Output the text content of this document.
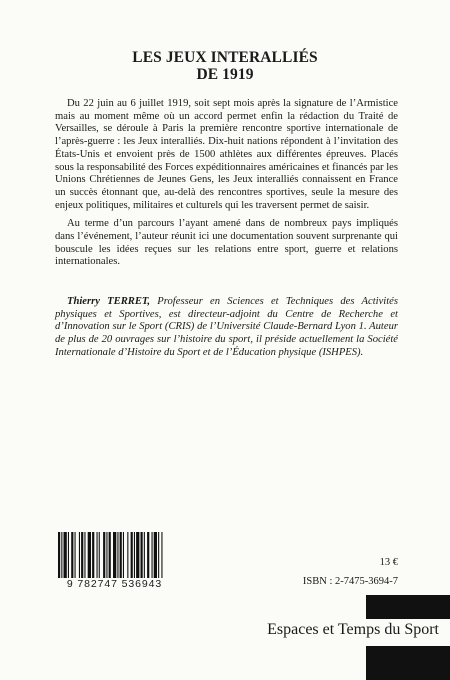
LES JEUX INTERALLIÉS
DE 1919

Du 22 juin au 6 juillet 1919, soit sept mois après la signature de l’Armistice mais au moment même où un accord permet enfin la rédaction du Traité de Versailles, se déroule à Paris la première rencontre sportive internationale de l’après-guerre : les Jeux interalliés. Dix-huit nations répondent à l’invitation des États-Unis et envoient près de 1500 athlètes aux différentes épreuves. Placés sous la responsabilité des Forces expéditionnaires américaines et financés par les Unions Chrétiennes de Jeunes Gens, les Jeux interalliés connaissent en France un succès étonnant que, au-delà des rencontres sportives, seule la mesure des enjeux politiques, militaires et culturels qui les traversent permet de saisir.

Au terme d’un parcours l’ayant amené dans de nombreux pays impliqués dans l’événement, l’auteur réunit ici une documentation souvent surprenante qui bouscule les idées reçues sur les relations entre sport, guerre et relations internationales.

Thierry TERRET, Professeur en Sciences et Techniques des Activités physiques et Sportives, est directeur-adjoint du Centre de Recherche et d’Innovation sur le Sport (CRIS) de l’Université Claude-Bernard Lyon 1. Auteur de plus de 20 ouvrages sur l’histoire du sport, il préside actuellement la Société Internationale d’Histoire du Sport et de l’Éducation physique (ISHPES).
9 782747 536943
13 €
ISBN : 2-7475-3694-7
Espaces et Temps du Sport
